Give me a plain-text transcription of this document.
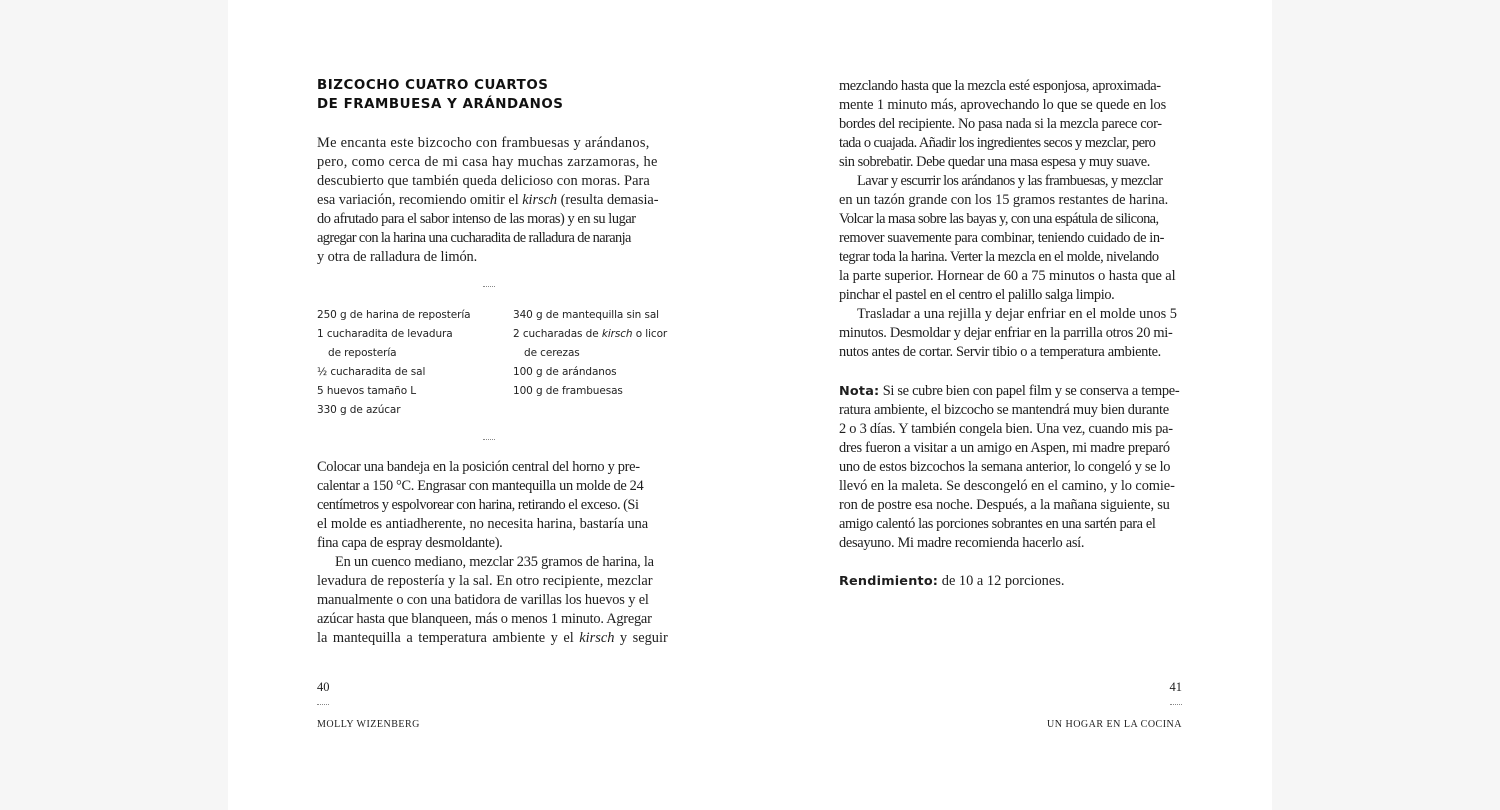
BIZCOCHO CUATRO CUARTOS
DE FRAMBUESA Y ARÁNDANOS

Me encanta este bizcocho con frambuesas y arándanos,
pero, como cerca de mi casa hay muchas zarzamoras, he
descubierto que también queda delicioso con moras. Para
esa variación, recomiendo omitir el kirsch (resulta demasia-
do afrutado para el sabor intenso de las moras) y en su lugar
agregar con la harina una cucharadita de ralladura de naranja
y otra de ralladura de limón.

250 g de harina de repostería
1 cucharadita de levadura
de repostería
½ cucharadita de sal
5 huevos tamaño L
330 g de azúcar
340 g de mantequilla sin sal
2 cucharadas de kirsch o licor
de cerezas
100 g de arándanos
100 g de frambuesas

Colocar una bandeja en la posición central del horno y pre-
calentar a 150 °C. Engrasar con mantequilla un molde de 24
centímetros y espolvorear con harina, retirando el exceso. (Si
el molde es antiadherente, no necesita harina, bastaría una
fina capa de espray desmoldante).

En un cuenco mediano, mezclar 235 gramos de harina, la
levadura de repostería y la sal. En otro recipiente, mezclar
manualmente o con una batidora de varillas los huevos y el
azúcar hasta que blanqueen, más o menos 1 minuto. Agregar
la mantequilla a temperatura ambiente y el kirsch y seguir

40
MOLLY WIZENBERG

mezclando hasta que la mezcla esté esponjosa, aproximada-
mente 1 minuto más, aprovechando lo que se quede en los
bordes del recipiente. No pasa nada si la mezcla parece cor-
tada o cuajada. Añadir los ingredientes secos y mezclar, pero
sin sobrebatir. Debe quedar una masa espesa y muy suave.

Lavar y escurrir los arándanos y las frambuesas, y mezclar
en un tazón grande con los 15 gramos restantes de harina.
Volcar la masa sobre las bayas y, con una espátula de silicona,
remover suavemente para combinar, teniendo cuidado de in-
tegrar toda la harina. Verter la mezcla en el molde, nivelando
la parte superior. Hornear de 60 a 75 minutos o hasta que al
pinchar el pastel en el centro el palillo salga limpio.

Trasladar a una rejilla y dejar enfriar en el molde unos 5
minutos. Desmoldar y dejar enfriar en la parrilla otros 20 mi-
nutos antes de cortar. Servir tibio o a temperatura ambiente.

Nota: Si se cubre bien con papel film y se conserva a tempe-
ratura ambiente, el bizcocho se mantendrá muy bien durante
2 o 3 días. Y también congela bien. Una vez, cuando mis pa-
dres fueron a visitar a un amigo en Aspen, mi madre preparó
uno de estos bizcochos la semana anterior, lo congeló y se lo
llevó en la maleta. Se descongeló en el camino, y lo comie-
ron de postre esa noche. Después, a la mañana siguiente, su
amigo calentó las porciones sobrantes en una sartén para el
desayuno. Mi madre recomienda hacerlo así.

Rendimiento: de 10 a 12 porciones.

41
UN HOGAR EN LA COCINA
